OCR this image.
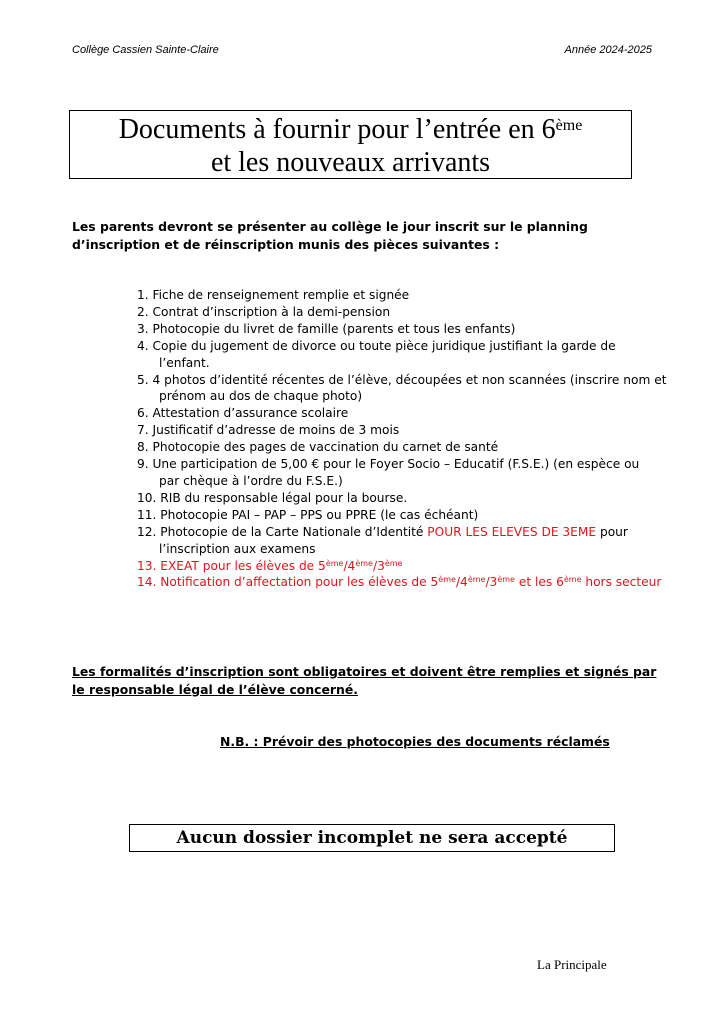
Collège Cassien Sainte-Claire	Année 2024-2025
Documents à fournir pour l’entrée en 6ème
et les nouveaux arrivants
Les parents devront se présenter au collège le jour inscrit sur le planning d’inscription et de réinscription munis des pièces suivantes :
1. Fiche de renseignement remplie et signée
2. Contrat d’inscription à la demi-pension
3. Photocopie du livret de famille (parents et tous les enfants)
4. Copie du jugement de divorce ou toute pièce juridique justifiant la garde de
l’enfant.
5. 4 photos d’identité récentes de l’élève, découpées et non scannées (inscrire nom et
prénom au dos de chaque photo)
6. Attestation d’assurance scolaire
7. Justificatif d’adresse de moins de 3 mois
8. Photocopie des pages de vaccination du carnet de santé
9. Une participation de 5,00 € pour le Foyer Socio – Educatif (F.S.E.) (en espèce ou
par chèque à l’ordre du F.S.E.)
10. RIB du responsable légal pour la bourse.
11. Photocopie PAI – PAP – PPS ou PPRE (le cas échéant)
12. Photocopie de la Carte Nationale d’Identité POUR LES ELEVES DE 3EME pour
l’inscription aux examens
13. EXEAT pour les élèves de 5ème/4ème/3ème
14. Notification d’affectation pour les élèves de 5ème/4ème/3ème et les 6ème hors secteur
Les formalités d’inscription sont obligatoires et doivent être remplies et signés par le responsable légal de l’élève concerné.
N.B. : Prévoir des photocopies des documents réclamés
Aucun dossier incomplet ne sera accepté
La Principale
